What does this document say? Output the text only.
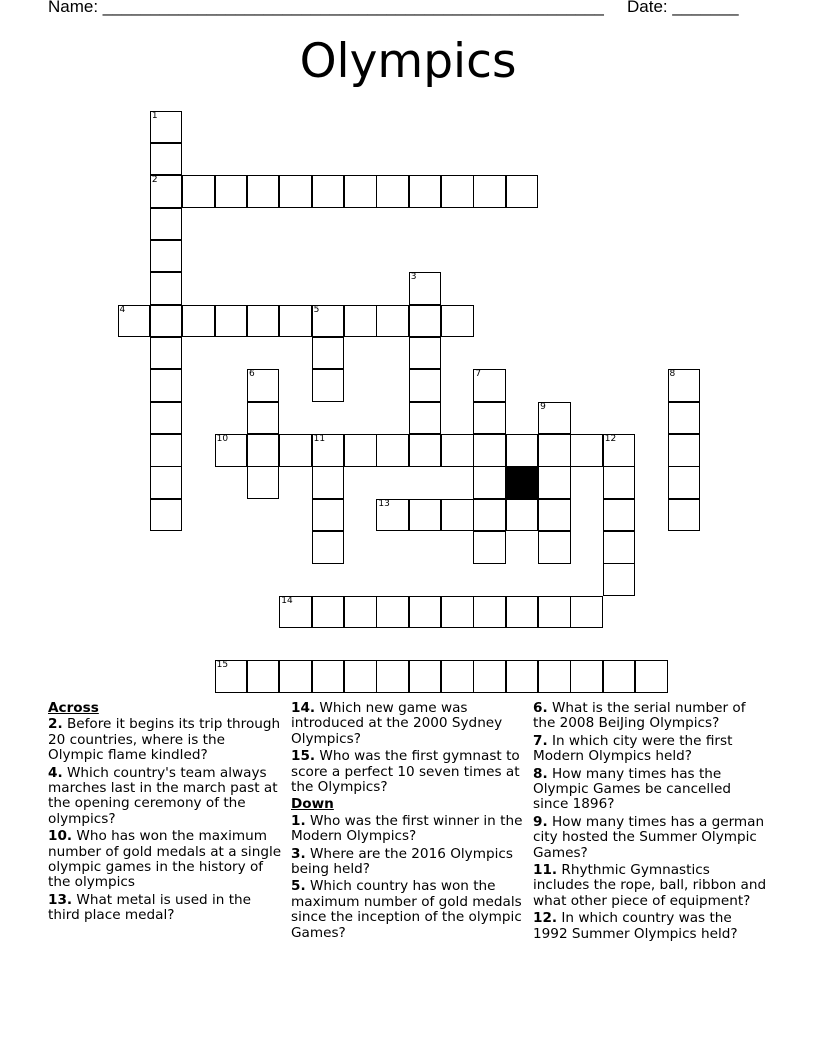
Name: _____________________________________________________ Date: _______
Olympics
1
2
3
4	5
6	7	8
9
10	11	12
13
14
15
Across
2. Before it begins its trip through 20 countries, where is the Olympic flame kindled?
4. Which country's team always marches last in the march past at the opening ceremony of the olympics?
10. Who has won the maximum number of gold medals at a single olympic games in the history of the olympics
13. What metal is used in the third place medal?
14. Which new game was introduced at the 2000 Sydney Olympics?
15. Who was the first gymnast to score a perfect 10 seven times at the Olympics?
Down
1. Who was the first winner in the Modern Olympics?
3. Where are the 2016 Olympics being held?
5. Which country has won the maximum number of gold medals since the inception of the olympic Games?
6. What is the serial number of the 2008 BeiJing Olympics?
7. In which city were the first Modern Olympics held?
8. How many times has the Olympic Games be cancelled since 1896?
9. How many times has a german city hosted the Summer Olympic Games?
11. Rhythmic Gymnastics includes the rope, ball, ribbon and what other piece of equipment?
12. In which country was the 1992 Summer Olympics held?
